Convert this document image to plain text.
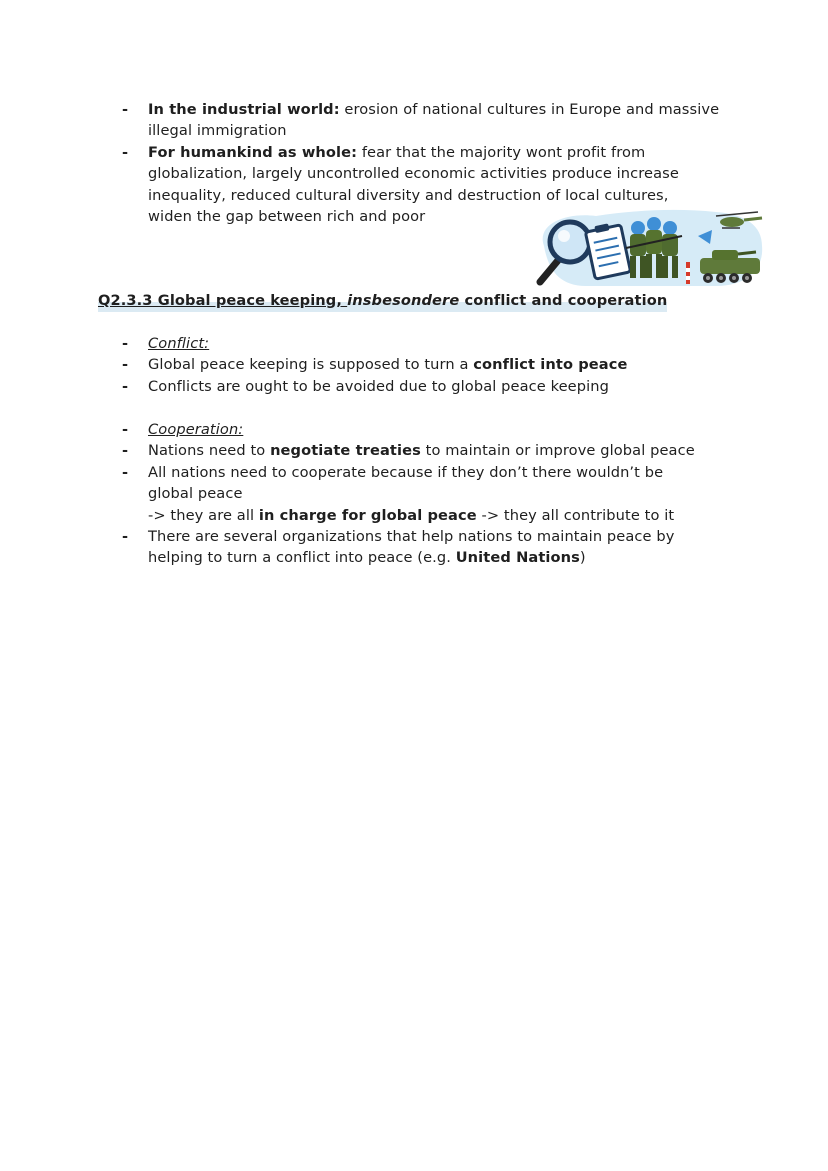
- In the industrial world: erosion of national cultures in Europe and massive
illegal immigration
- For humankind as whole: fear that the majority wont profit from
globalization, largely uncontrolled economic activities produce increase
inequality, reduced cultural diversity and destruction of local cultures,
widen the gap between rich and poor
Q2.3.3 Global peace keeping, insbesondere conflict and cooperation
- Conflict:
- Global peace keeping is supposed to turn a conflict into peace
- Conflicts are ought to be avoided due to global peace keeping
- Cooperation:
- Nations need to negotiate treaties to maintain or improve global peace
- All nations need to cooperate because if they don’t there wouldn’t be
global peace
-> they are all in charge for global peace -> they all contribute to it
- There are several organizations that help nations to maintain peace by
helping to turn a conflict into peace (e.g. United Nations)
